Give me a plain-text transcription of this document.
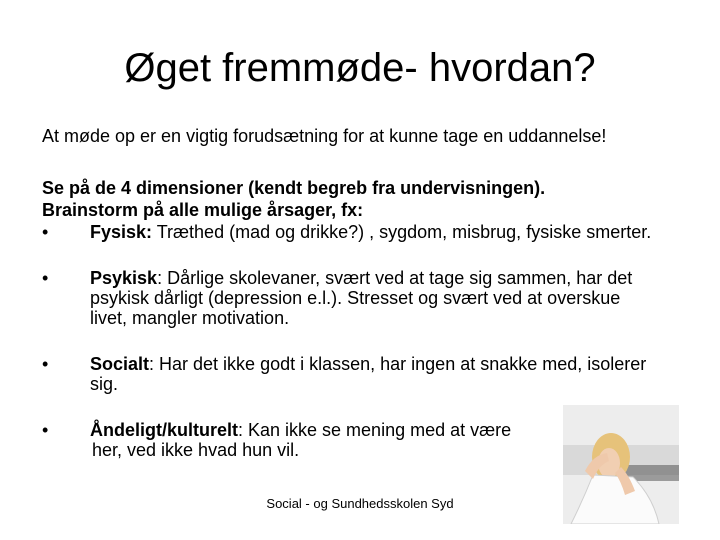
Øget fremmøde- hvordan?
At møde op er en vigtig forudsætning for at kunne tage en uddannelse!
Se på de 4 dimensioner (kendt begreb fra undervisningen).
Brainstorm på alle mulige årsager, fx:
•	Fysisk: Træthed (mad og drikke?) , sygdom, misbrug, fysiske smerter.
•	Psykisk: Dårlige skolevaner, svært ved at tage sig sammen, har det psykisk dårligt (depression e.l.). Stresset og svært ved at overskue livet, mangler motivation.
•	Socialt: Har det ikke godt i klassen, har ingen at snakke med, isolerer sig.
•	Åndeligt/kulturelt: Kan ikke se mening med at være
her, ved ikke hvad hun vil.
Social - og Sundhedsskolen Syd
